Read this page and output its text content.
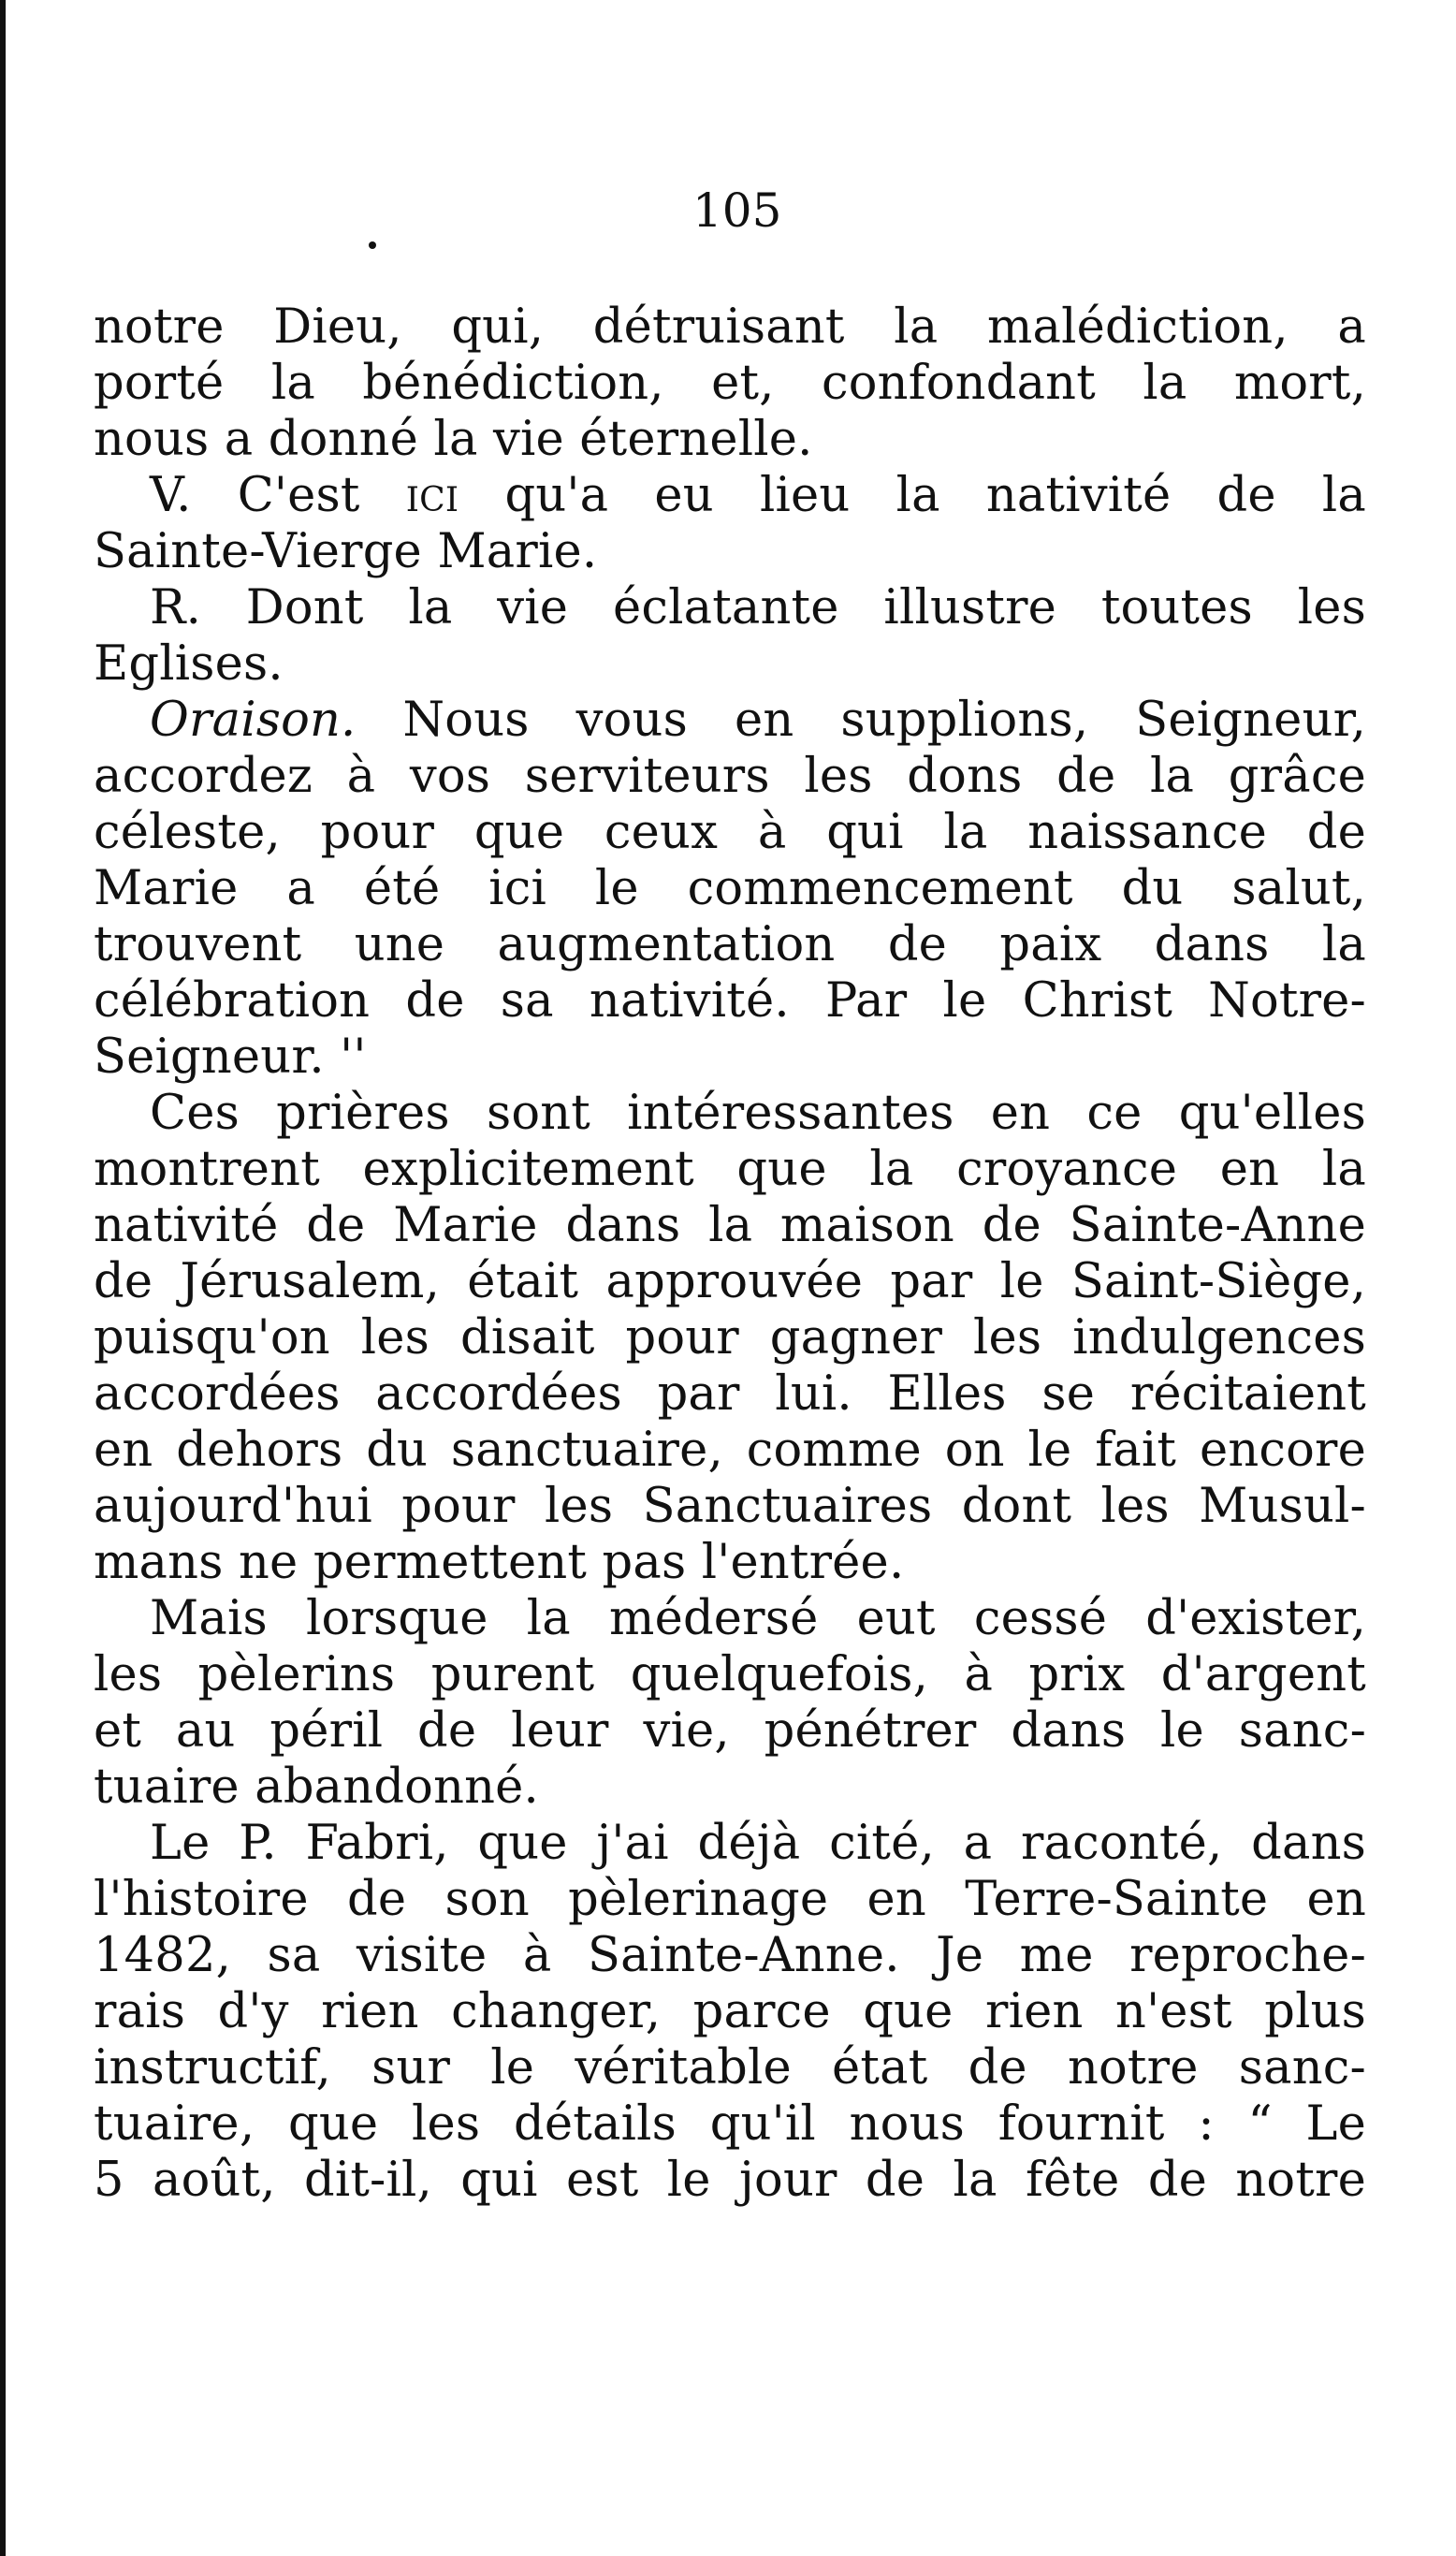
105
notre Dieu, qui, détruisant la malédiction, a
porté la bénédiction, et, confondant la mort,
nous a donné la vie éternelle.
V. C'est ici qu'a eu lieu la nativité de la
Sainte-Vierge Marie.
R. Dont la vie éclatante illustre toutes les
Eglises.
Oraison. Nous vous en supplions, Seigneur,
accordez à vos serviteurs les dons de la grâce
céleste, pour que ceux à qui la naissance de
Marie a été ici le commencement du salut,
trouvent une augmentation de paix dans la
célébration de sa nativité. Par le Christ Notre-
Seigneur. ''
Ces prières sont intéressantes en ce qu'elles
montrent explicitement que la croyance en la
nativité de Marie dans la maison de Sainte-Anne
de Jérusalem, était approuvée par le Saint-Siège,
puisqu'on les disait pour gagner les indulgences
accordées accordées par lui. Elles se récitaient
en dehors du sanctuaire, comme on le fait encore
aujourd'hui pour les Sanctuaires dont les Musul-
mans ne permettent pas l'entrée.
Mais lorsque la médersé eut cessé d'exister,
les pèlerins purent quelquefois, à prix d'argent
et au péril de leur vie, pénétrer dans le sanc-
tuaire abandonné.
Le P. Fabri, que j'ai déjà cité, a raconté, dans
l'histoire de son pèlerinage en Terre-Sainte en
1482, sa visite à Sainte-Anne. Je me reproche-
rais d'y rien changer, parce que rien n'est plus
instructif, sur le véritable état de notre sanc-
tuaire, que les détails qu'il nous fournit : “ Le
5 août, dit-il, qui est le jour de la fête de notre
